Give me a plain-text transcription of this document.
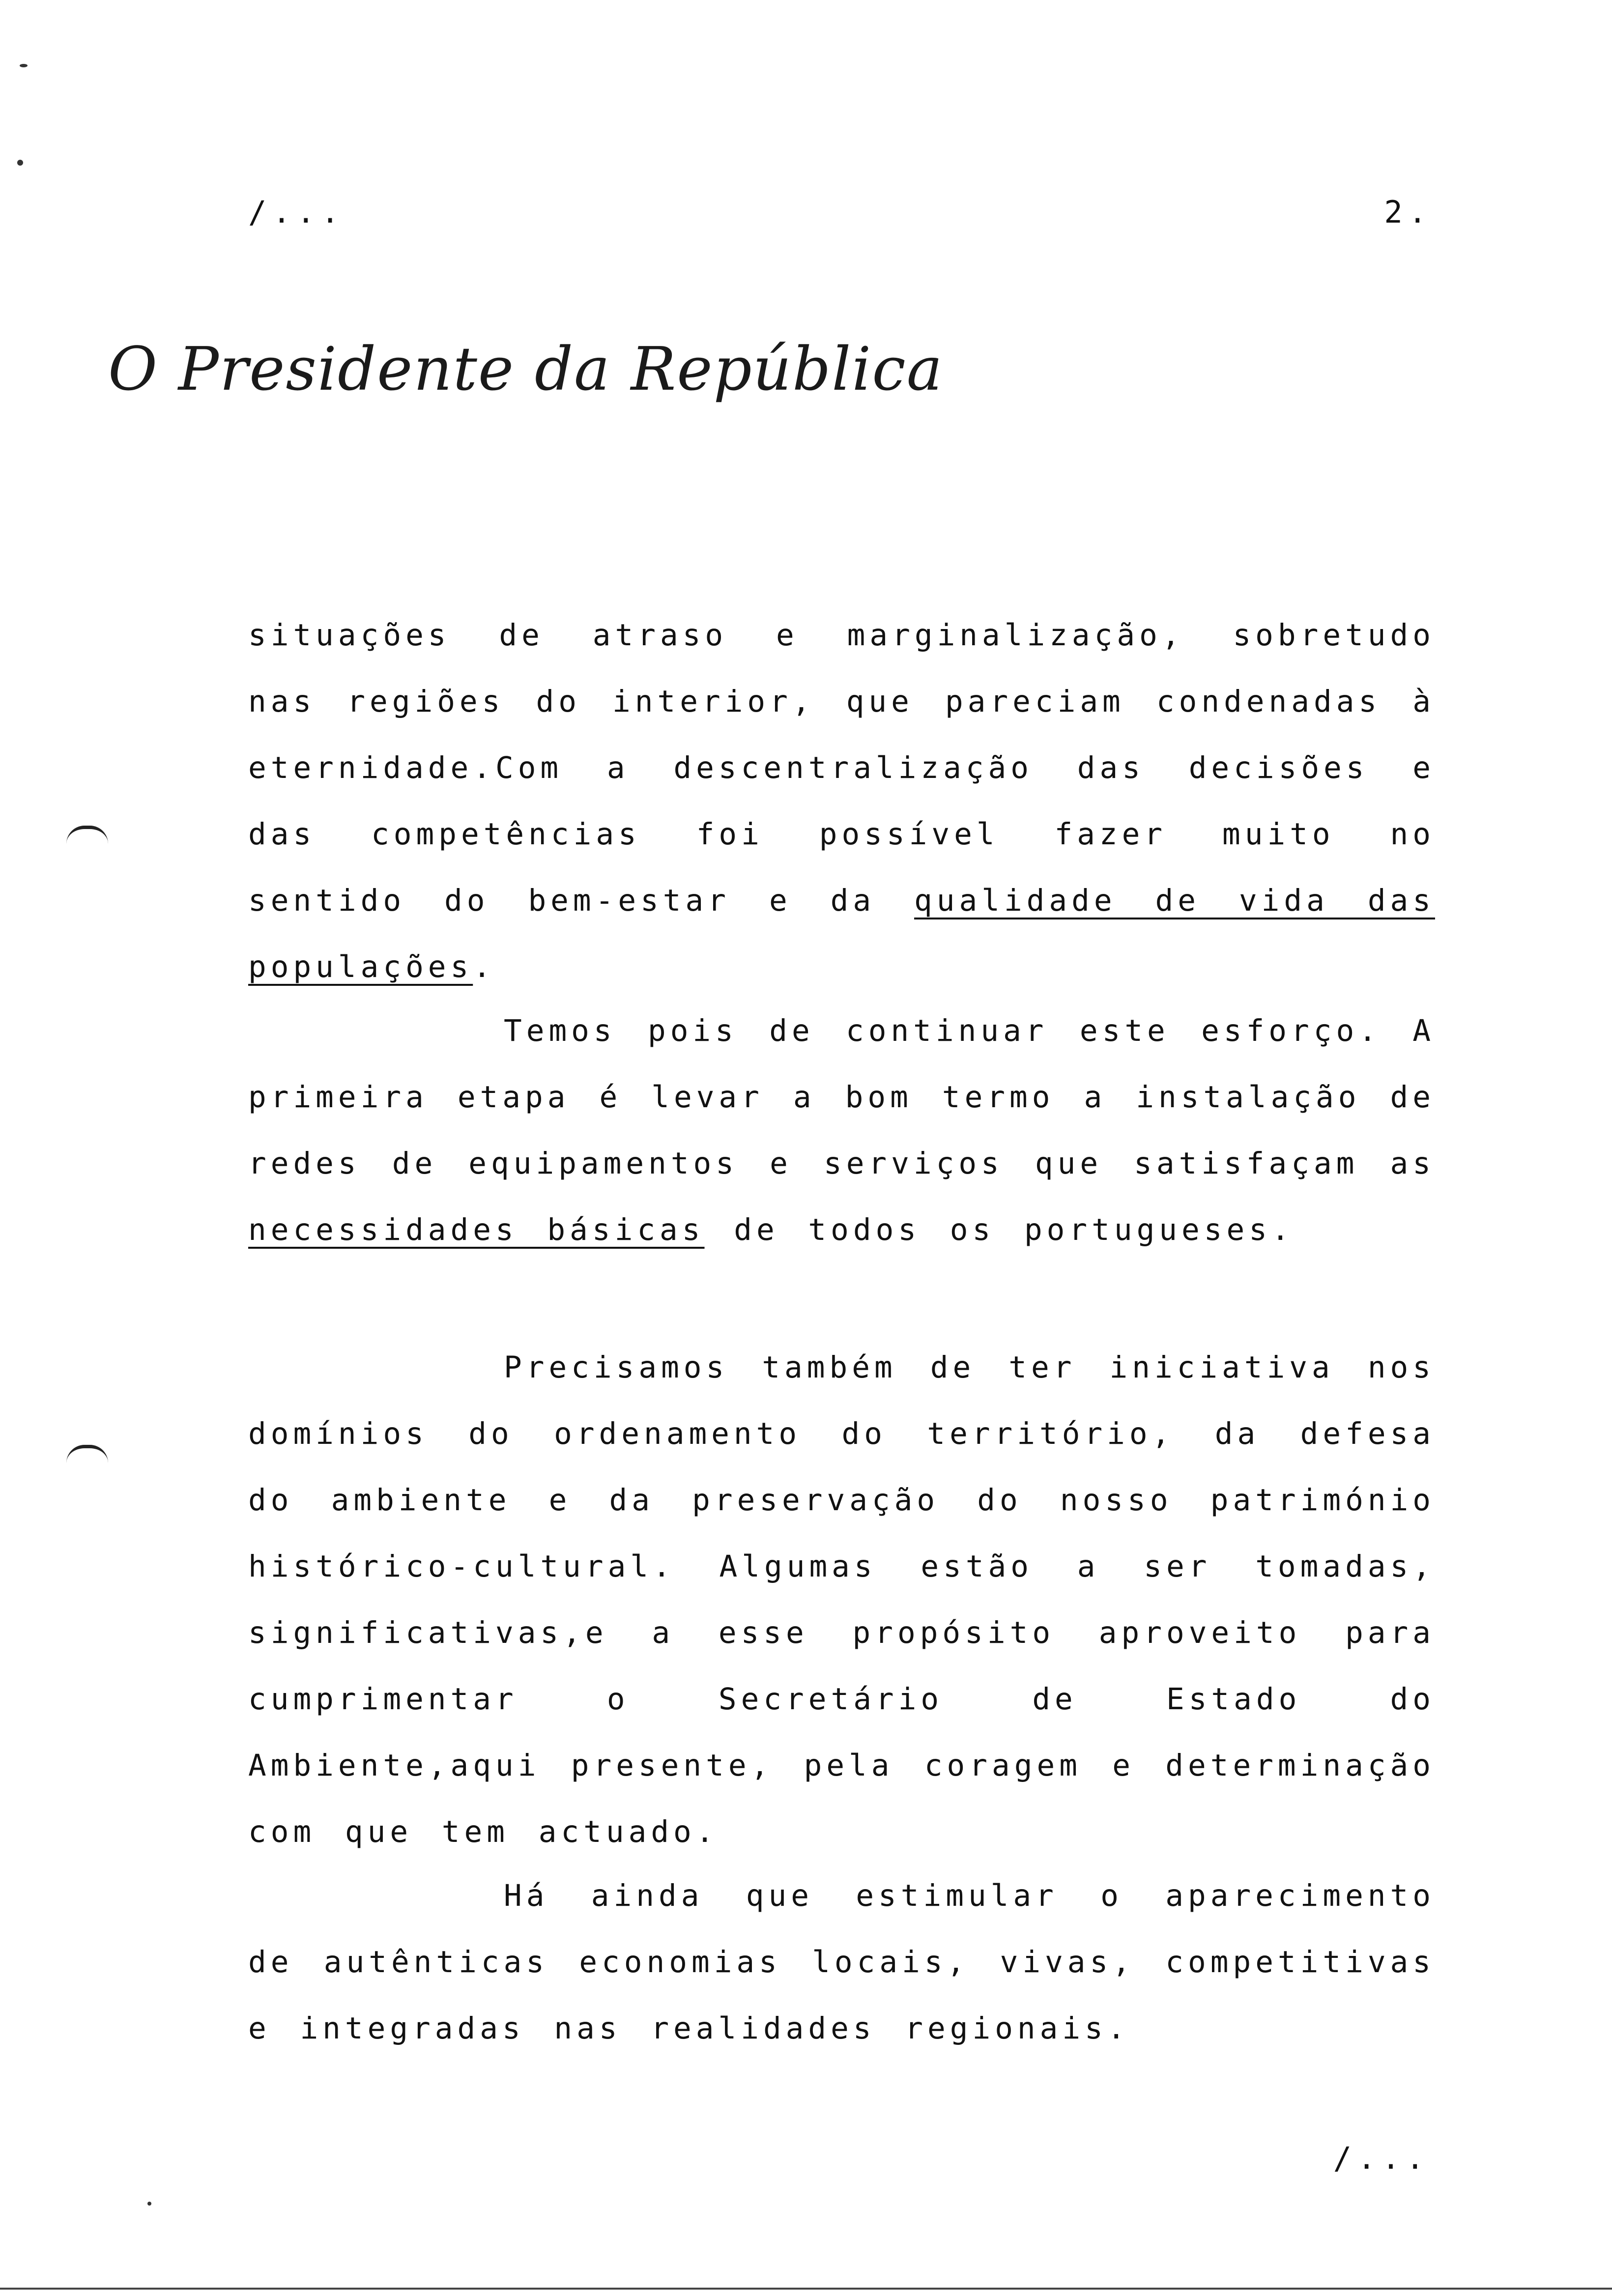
/...	2.
O Presidente da República
situações de atraso e marginalização, sobretudo nas regiões do interior, que pareciam condenadas à eternidade.Com a descentralização das decisões e das competências foi possível fazer muito no sentido do bem-estar e da qualidade de vida das populações.
Temos pois de continuar este esforço. A primeira etapa é levar a bom termo a instalação de redes de equipamentos e serviços que satisfaçam as necessidades básicas de todos os portugueses.
Precisamos também de ter iniciativa nos domínios do ordenamento do território, da defesa do ambiente e da preservação do nosso património histórico-cultural. Algumas estão a ser tomadas, significativas,e a esse propósito aproveito para cumprimentar o Secretário de Estado do Ambiente,aqui presente, pela coragem e determinação com que tem actuado.
Há ainda que estimular o aparecimento de autênticas economias locais, vivas, competitivas e integradas nas realidades regionais.
/...
